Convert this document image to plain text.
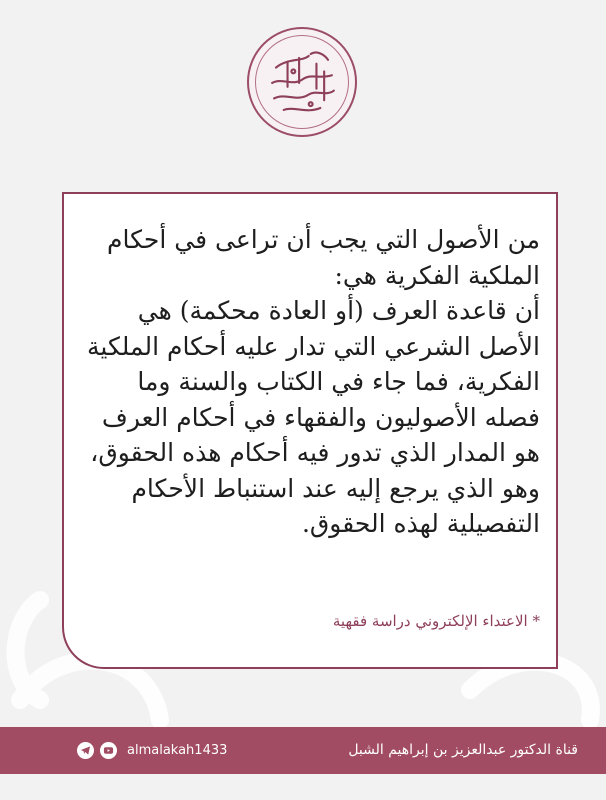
من الأصول التي يجب أن تراعى في أحكام الملكية الفكرية هي:

أن قاعدة العرف (أو العادة محكمة) هي الأصل الشرعي التي تدار عليه أحكام الملكية الفكرية، فما جاء في الكتاب والسنة وما فصله الأصوليون والفقهاء في أحكام العرف هو المدار الذي تدور فيه أحكام هذه الحقوق، وهو الذي يرجع إليه عند استنباط الأحكام التفصيلية لهذه الحقوق.

* الاعتداء الإلكتروني دراسة فقهية
almalakah1433	قناة الدكتور عبدالعزيز بن إبراهيم الشبل
